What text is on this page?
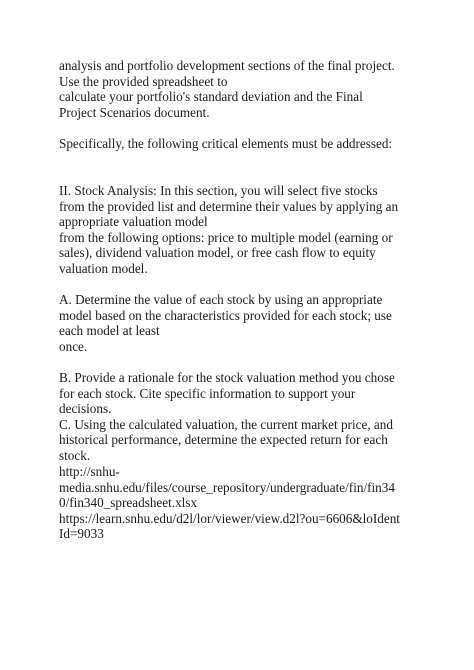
analysis and portfolio development sections of the final project.
Use the provided spreadsheet to
calculate your portfolio's standard deviation and the Final
Project Scenarios document.
Specifically, the following critical elements must be addressed:
II. Stock Analysis: In this section, you will select five stocks
from the provided list and determine their values by applying an
appropriate valuation model
from the following options: price to multiple model (earning or
sales), dividend valuation model, or free cash flow to equity
valuation model.
A. Determine the value of each stock by using an appropriate
model based on the characteristics provided for each stock; use
each model at least
once.
B. Provide a rationale for the stock valuation method you chose
for each stock. Cite specific information to support your
decisions.
C. Using the calculated valuation, the current market price, and
historical performance, determine the expected return for each
stock.
http://snhu-
media.snhu.edu/files/course_repository/undergraduate/fin/fin34
0/fin340_spreadsheet.xlsx
https://learn.snhu.edu/d2l/lor/viewer/view.d2l?ou=6606&loIdent
Id=9033
